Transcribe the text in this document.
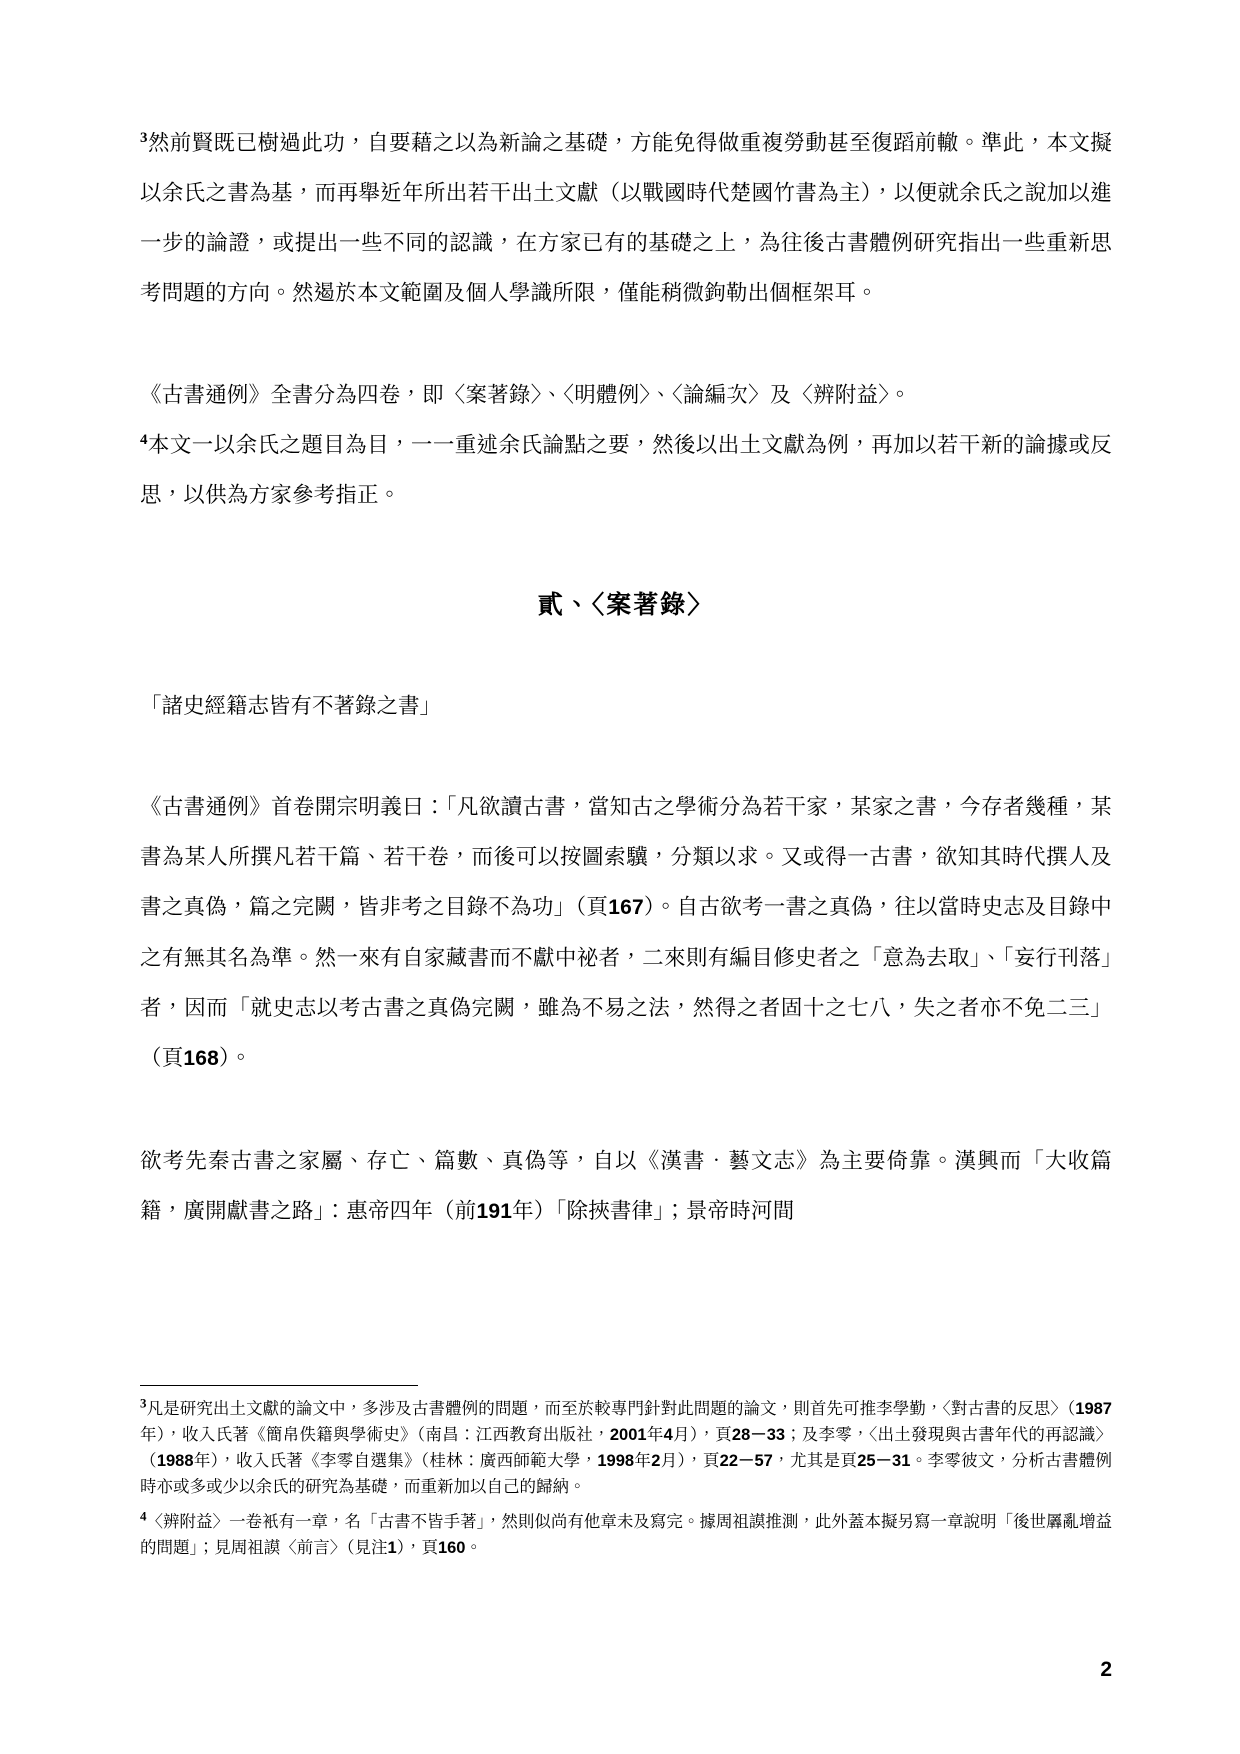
$^3$然前賢既已樹過此功，自要藉之以為新論之基礎，方能免得做重複勞動甚至復蹈前轍。準此，本文擬以余氏之書為基，而再舉近年所出若干出土文獻（以戰國時代楚國竹書為主），以便就余氏之說加以進一步的論證，或提出一些不同的認識，在方家已有的基礎之上，為往後古書體例研究指出一些重新思考問題的方向。然遏於本文範圍及個人學識所限，僅能稍微鉤勒出個框架耳。

《古書通例》全書分為四卷，即〈案著錄〉、〈明體例〉、〈論編次〉及〈辨附益〉。

$^4$本文一以余氏之題目為目，一一重述余氏論點之要，然後以出土文獻為例，再加以若干新的論據或反思，以供為方家參考指正。

貳、〈案著錄〉

「諸史經籍志皆有不著錄之書」

《古書通例》首卷開宗明義曰：「凡欲讀古書，當知古之學術分為若干家，某家之書，今存者幾種，某書為某人所撰凡若干篇、若干卷，而後可以按圖索驥，分類以求。又或得一古書，欲知其時代撰人及書之真偽，篇之完闕，皆非考之目錄不為功」（頁167）。自古欲考一書之真偽，往以當時史志及目錄中之有無其名為準。然一來有自家藏書而不獻中祕者，二來則有編目修史者之「意為去取」、「妄行刊落」者，因而「就史志以考古書之真偽完闕，雖為不易之法，然得之者固十之七八，失之者亦不免二三」（頁168）。

欲考先秦古書之家屬、存亡、篇數、真偽等，自以《漢書‧藝文志》為主要倚靠。漢興而「大收篇籍，廣開獻書之路」：惠帝四年（前191年）「除挾書律」；景帝時河間

$^3$凡是研究出土文獻的論文中，多涉及古書體例的問題，而至於較專門針對此問題的論文，則首先可推李學勤，〈對古書的反思〉（1987年），收入氏著《簡帛佚籍與學術史》（南昌：江西教育出版社，2001年4月），頁28－33；及李零，〈出土發現與古書年代的再認識〉（1988年），收入氏著《李零自選集》（桂林：廣西師範大學，1998年2月），頁22－57，尤其是頁25－31。李零彼文，分析古書體例時亦或多或少以余氏的研究為基礎，而重新加以自己的歸納。

$^4$〈辨附益〉一卷衹有一章，名「古書不皆手著」，然則似尚有他章未及寫完。據周祖謨推測，此外蓋本擬另寫一章說明「後世羼亂增益的問題」；見周祖謨〈前言〉（見注1），頁160。

2
